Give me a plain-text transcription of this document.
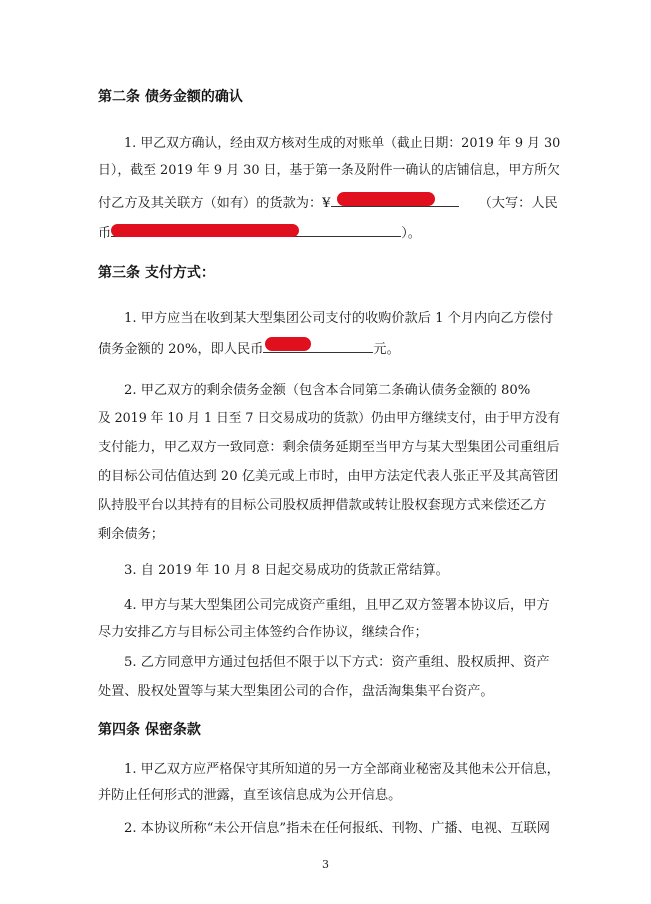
第二条 债务金额的确认
1. 甲乙双方确认，经由双方核对生成的对账单（截止日期：2019 年 9 月 30
日），截至 2019 年 9 月 30 日，基于第一条及附件一确认的店铺信息，甲方所欠
付乙方及其关联方（如有）的货款为：¥	（大写：人民
币	）。
第三条 支付方式：
1. 甲方应当在收到某大型集团公司支付的收购价款后 1 个月内向乙方偿付
债务金额的 20%，即人民币	元。
2. 甲乙双方的剩余债务金额（包含本合同第二条确认债务金额的 80%
及 2019 年 10 月 1 日至 7 日交易成功的货款）仍由甲方继续支付，由于甲方没有
支付能力，甲乙双方一致同意：剩余债务延期至当甲方与某大型集团公司重组后
的目标公司估值达到 20 亿美元或上市时，由甲方法定代表人张正平及其高管团
队持股平台以其持有的目标公司股权质押借款或转让股权套现方式来偿还乙方
剩余债务；
3. 自 2019 年 10 月 8 日起交易成功的货款正常结算。
4. 甲方与某大型集团公司完成资产重组，且甲乙双方签署本协议后，甲方
尽力安排乙方与目标公司主体签约合作协议，继续合作；
5. 乙方同意甲方通过包括但不限于以下方式：资产重组、股权质押、资产
处置、股权处置等与某大型集团公司的合作，盘活淘集集平台资产。
第四条 保密条款
1. 甲乙双方应严格保守其所知道的另一方全部商业秘密及其他未公开信息，
并防止任何形式的泄露，直至该信息成为公开信息。
2. 本协议所称“未公开信息”指未在任何报纸、刊物、广播、电视、互联网
3
